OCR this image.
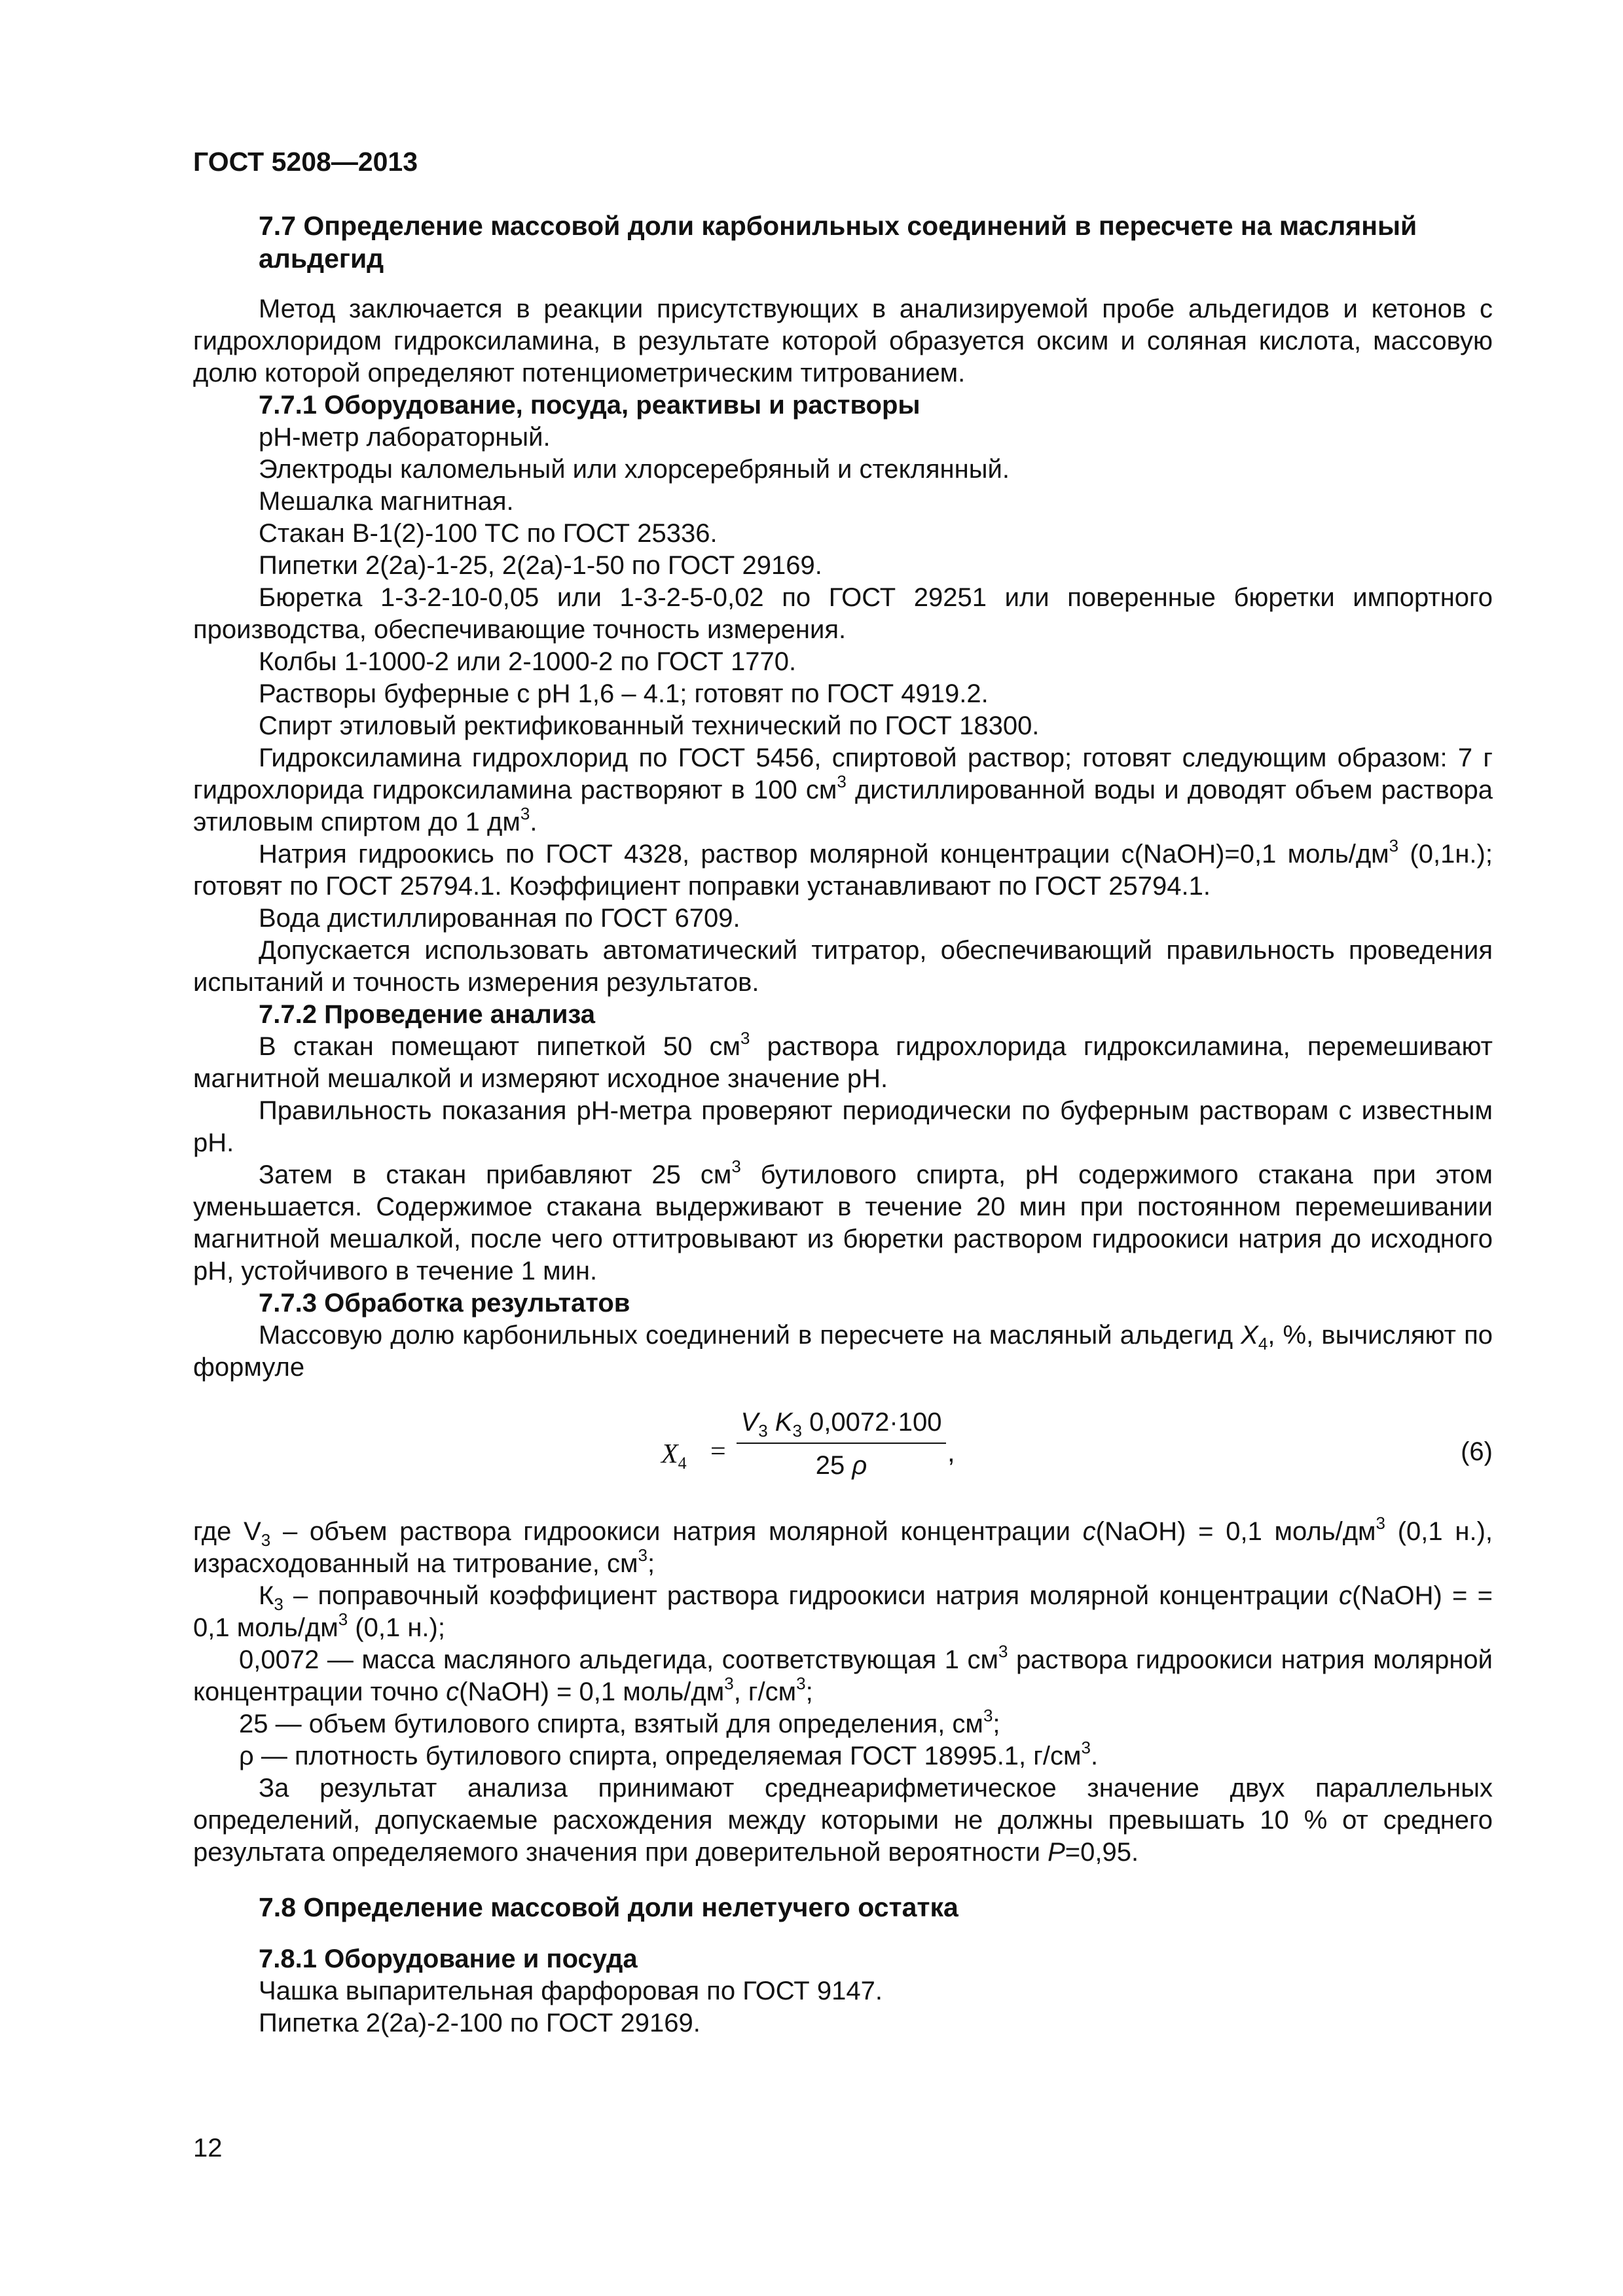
ГОСТ 5208—2013
7.7 Определение массовой доли карбонильных соединений в пересчете на масляный альдегид

Метод заключается в реакции присутствующих в анализируемой пробе альдегидов и кетонов с гидрохлоридом гидроксиламина, в результате которой образуется оксим и соляная кислота, массовую долю которой определяют потенциометрическим титрованием.

7.7.1 Оборудование, посуда, реактивы и растворы

рН-метр лабораторный.

Электроды каломельный или хлорсеребряный и стеклянный.

Мешалка магнитная.

Стакан В-1(2)-100 ТС по ГОСТ 25336.

Пипетки 2(2а)-1-25, 2(2а)-1-50 по ГОСТ 29169.

Бюретка 1-3-2-10-0,05 или 1-3-2-5-0,02 по ГОСТ 29251 или поверенные бюретки импортного производства, обеспечивающие точность измерения.

Колбы 1-1000-2 или 2-1000-2 по ГОСТ 1770.

Растворы буферные с рН 1,6 – 4.1; готовят по ГОСТ 4919.2.

Спирт этиловый ректификованный технический по ГОСТ 18300.

Гидроксиламина гидрохлорид по ГОСТ 5456, спиртовой раствор; готовят следующим образом: 7 г гидрохлорида гидроксиламина растворяют в 100 $см^3$ дистиллированной воды и доводят объем раствора этиловым спиртом до 1 $дм^3$.

Натрия гидроокись по ГОСТ 4328, раствор молярной концентрации c(NaOH)=0,1 моль/$дм^3$ (0,1н.); готовят по ГОСТ 25794.1. Коэффициент поправки устанавливают по ГОСТ 25794.1.

Вода дистиллированная по ГОСТ 6709.

Допускается использовать автоматический титратор, обеспечивающий правильность проведения испытаний и точность измерения результатов.

7.7.2 Проведение анализа

В стакан помещают пипеткой 50 $см^3$ раствора гидрохлорида гидроксиламина, перемешивают магнитной мешалкой и измеряют исходное значение рН.

Правильность показания рН-метра проверяют периодически по буферным растворам с известным рН.

Затем в стакан прибавляют 25 $см^3$ бутилового спирта, рН содержимого стакана при этом уменьшается. Содержимое стакана выдерживают в течение 20 мин при постоянном перемешивании магнитной мешалкой, после чего оттитровывают из бюретки раствором гидроокиси натрия до исходного рН, устойчивого в течение 1 мин.

7.7.3 Обработка результатов

Массовую долю карбонильных соединений в пересчете на масляный альдегид $X_4$, %, вычисляют по формуле

$X_4$ =
$V_3$ $K_3$ 0,0072·100
25 ρ	,	(6)

где $V_3$ – объем раствора гидроокиси натрия молярной концентрации c(NaOH) = 0,1 моль/$дм^3$ (0,1 н.), израсходованный на титрование, $см^3$;

$К_3$ – поправочный коэффициент раствора гидроокиси натрия молярной концентрации c(NaOH) = = 0,1 моль/$дм^3$ (0,1 н.);

0,0072 — масса масляного альдегида, соответствующая 1 $см^3$ раствора гидроокиси натрия молярной концентрации точно c(NaOH) = 0,1 моль/$дм^3$, $г/см^3$;

25 — объем бутилового спирта, взятый для определения, $см^3$;

ρ — плотность бутилового спирта, определяемая ГОСТ 18995.1, $г/см^3$.

За результат анализа принимают среднеарифметическое значение двух параллельных определений, допускаемые расхождения между которыми не должны превышать 10 % от среднего результата определяемого значения при доверительной вероятности P=0,95.

7.8 Определение массовой доли нелетучего остатка
7.8.1 Оборудование и посуда

Чашка выпарительная фарфоровая по ГОСТ 9147.

Пипетка 2(2а)-2-100 по ГОСТ 29169.

12
